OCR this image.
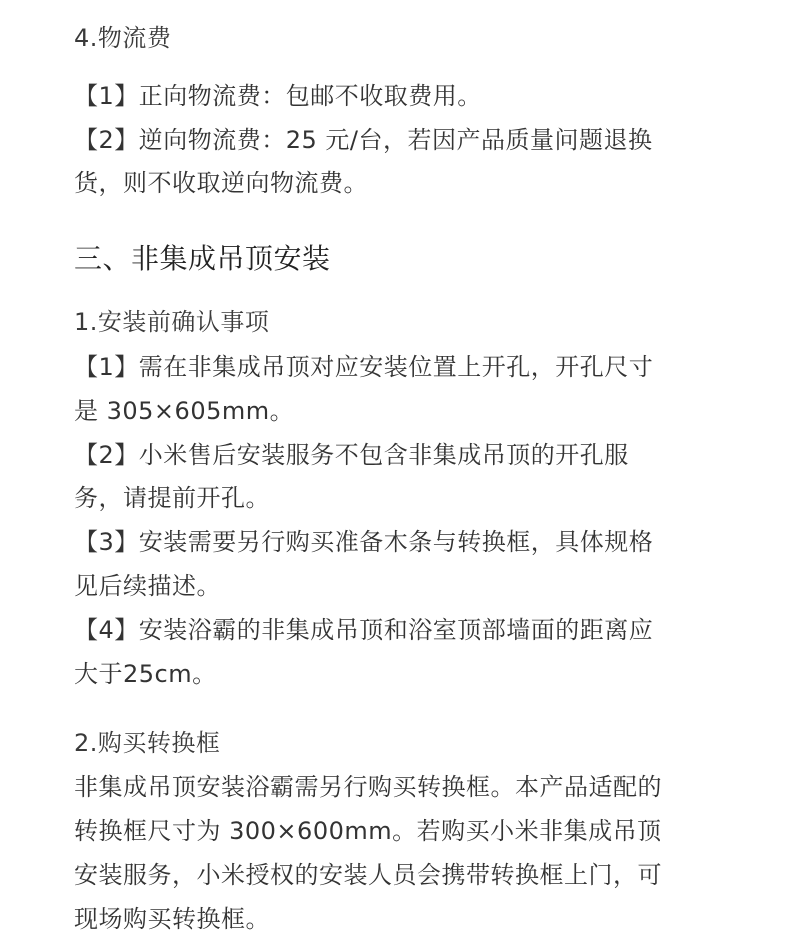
4.物流费
【1】正向物流费：包邮不收取费用。
【2】逆向物流费：25 元/台，若因产品质量问题退换
货，则不收取逆向物流费。
三、非集成吊顶安装
1.安装前确认事项
【1】需在非集成吊顶对应安装位置上开孔，开孔尺寸
是 305×605mm。
【2】小米售后安装服务不包含非集成吊顶的开孔服
务，请提前开孔。
【3】安装需要另行购买准备木条与转换框，具体规格
见后续描述。
【4】安装浴霸的非集成吊顶和浴室顶部墙面的距离应
大于25cm。
2.购买转换框
非集成吊顶安装浴霸需另行购买转换框。本产品适配的
转换框尺寸为 300×600mm。若购买小米非集成吊顶
安装服务，小米授权的安装人员会携带转换框上门，可
现场购买转换框。
